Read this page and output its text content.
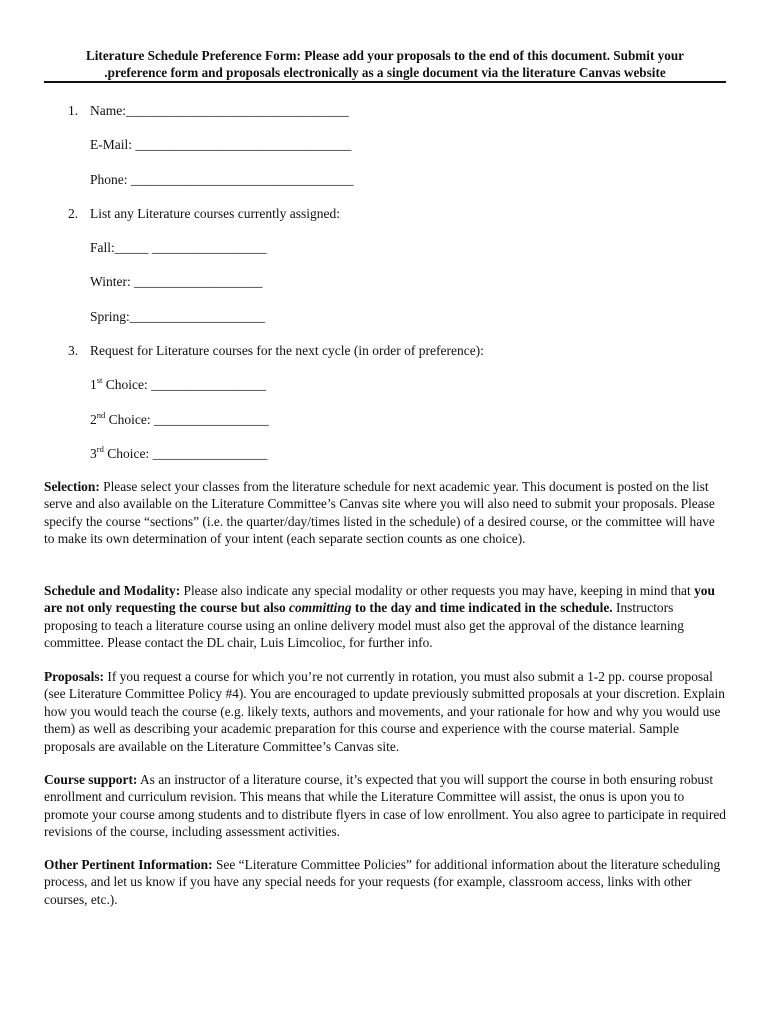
Literature Schedule Preference Form: Please add your proposals to the end of this document. Submit your
.preference form and proposals electronically as a single document via the literature Canvas website
1. Name:_________________________________
E-Mail: ________________________________
Phone: _________________________________
2. List any Literature courses currently assigned:
Fall:_____ _________________
Winter: ___________________
Spring:____________________
3. Request for Literature courses for the next cycle (in order of preference):
1st Choice: _________________
2nd Choice: _________________
3rd Choice: _________________
Selection: Please select your classes from the literature schedule for next academic year. This document is posted on the list serve and also available on the Literature Committee’s Canvas site where you will also need to submit your proposals. Please specify the course “sections” (i.e. the quarter/day/times listed in the schedule) of a desired course, or the committee will have to make its own determination of your intent (each separate section counts as one choice).
Schedule and Modality: Please also indicate any special modality or other requests you may have, keeping in mind that you are not only requesting the course but also committing to the day and time indicated in the schedule. Instructors proposing to teach a literature course using an online delivery model must also get the approval of the distance learning committee. Please contact the DL chair, Luis Limcolioc, for further info.
Proposals: If you request a course for which you’re not currently in rotation, you must also submit a 1-2 pp. course proposal (see Literature Committee Policy #4). You are encouraged to update previously submitted proposals at your discretion. Explain how you would teach the course (e.g. likely texts, authors and movements, and your rationale for how and why you would use them) as well as describing your academic preparation for this course and experience with the course material. Sample proposals are available on the Literature Committee’s Canvas site.
Course support: As an instructor of a literature course, it’s expected that you will support the course in both ensuring robust enrollment and curriculum revision. This means that while the Literature Committee will assist, the onus is upon you to promote your course among students and to distribute flyers in case of low enrollment. You also agree to participate in required revisions of the course, including assessment activities.
Other Pertinent Information: See “Literature Committee Policies” for additional information about the literature scheduling process, and let us know if you have any special needs for your requests (for example, classroom access, links with other courses, etc.).
